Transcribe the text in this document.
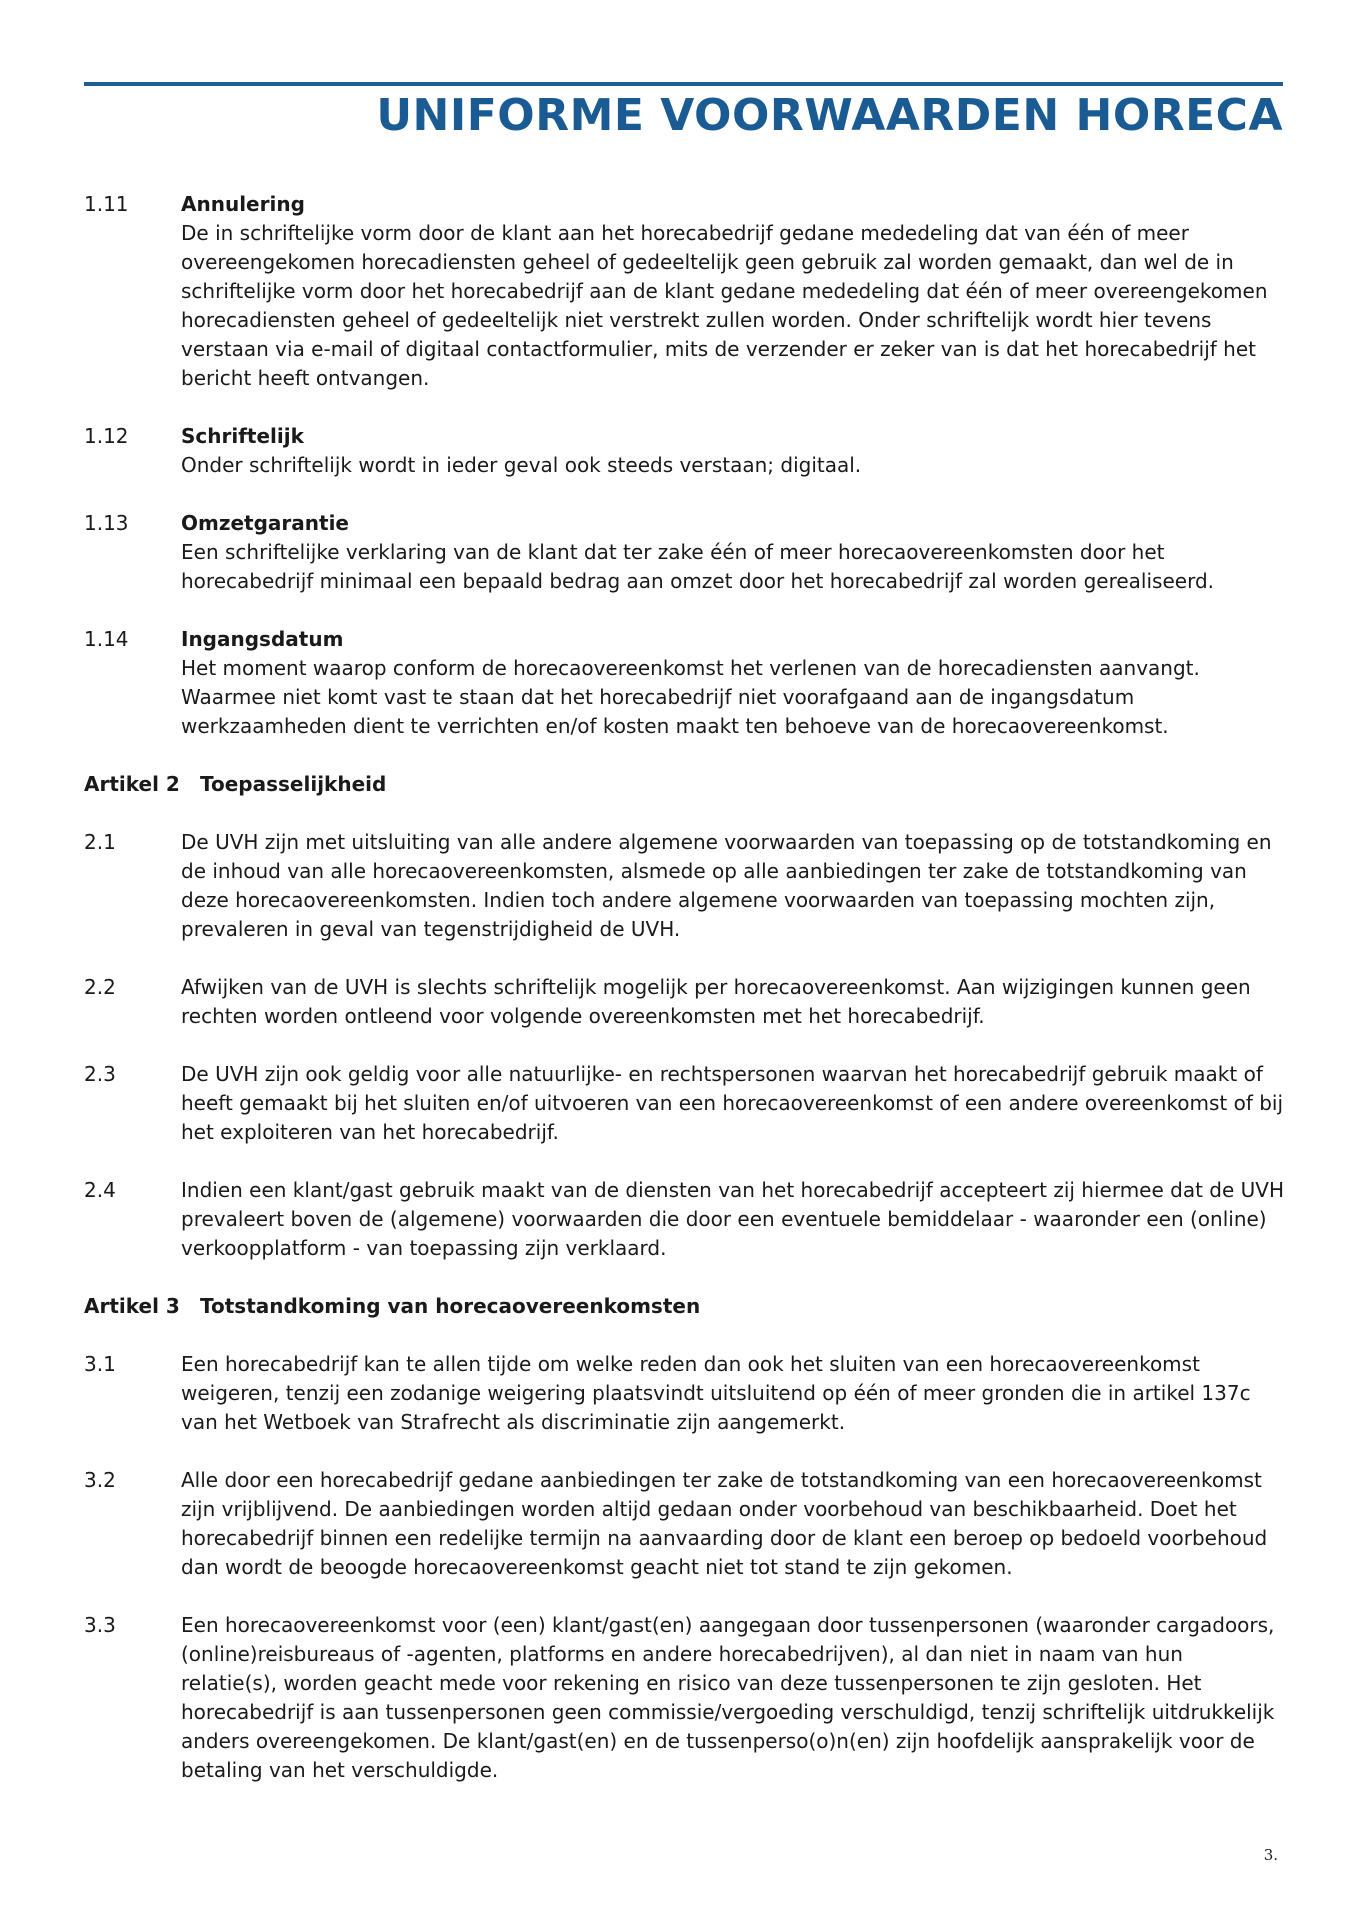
UNIFORME VOORWAARDEN HORECA
1.11	Annulering
De in schriftelijke vorm door de klant aan het horecabedrijf gedane mededeling dat van één of meer overeengekomen horecadiensten geheel of gedeeltelijk geen gebruik zal worden gemaakt, dan wel de in schriftelijke vorm door het horecabedrijf aan de klant gedane mededeling dat één of meer overeengekomen horecadiensten geheel of gedeeltelijk niet verstrekt zullen worden. Onder schriftelijk wordt hier tevens verstaan via e-mail of digitaal contactformulier, mits de verzender er zeker van is dat het horecabedrijf het bericht heeft ontvangen.
1.12	Schriftelijk
Onder schriftelijk wordt in ieder geval ook steeds verstaan; digitaal.
1.13	Omzetgarantie
Een schriftelijke verklaring van de klant dat ter zake één of meer horecaovereenkomsten door het horecabedrijf minimaal een bepaald bedrag aan omzet door het horecabedrijf zal worden gerealiseerd.
1.14	Ingangsdatum
Het moment waarop conform de horecaovereenkomst het verlenen van de horecadiensten aanvangt. Waarmee niet komt vast te staan dat het horecabedrijf niet voorafgaand aan de ingangsdatum werkzaamheden dient te verrichten en/of kosten maakt ten behoeve van de horecaovereenkomst.
Artikel 2	Toepasselijkheid
2.1	De UVH zijn met uitsluiting van alle andere algemene voorwaarden van toepassing op de totstandkoming en de inhoud van alle horecaovereenkomsten, alsmede op alle aanbiedingen ter zake de totstandkoming van deze horecaovereenkomsten. Indien toch andere algemene voorwaarden van toepassing mochten zijn, prevaleren in geval van tegenstrijdigheid de UVH.
2.2	Afwijken van de UVH is slechts schriftelijk mogelijk per horecaovereenkomst. Aan wijzigingen kunnen geen rechten worden ontleend voor volgende overeenkomsten met het horecabedrijf.
2.3	De UVH zijn ook geldig voor alle natuurlijke- en rechtspersonen waarvan het horecabedrijf gebruik maakt of heeft gemaakt bij het sluiten en/of uitvoeren van een horecaovereenkomst of een andere overeenkomst of bij het exploiteren van het horecabedrijf.
2.4	Indien een klant/gast gebruik maakt van de diensten van het horecabedrijf accepteert zij hiermee dat de UVH prevaleert boven de (algemene) voorwaarden die door een eventuele bemiddelaar - waaronder een (online) verkoopplatform - van toepassing zijn verklaard.
Artikel 3	Totstandkoming van horecaovereenkomsten
3.1	Een horecabedrijf kan te allen tijde om welke reden dan ook het sluiten van een horecaovereenkomst weigeren, tenzij een zodanige weigering plaatsvindt uitsluitend op één of meer gronden die in artikel 137c van het Wetboek van Strafrecht als discriminatie zijn aangemerkt.
3.2	Alle door een horecabedrijf gedane aanbiedingen ter zake de totstandkoming van een horecaovereenkomst zijn vrijblijvend. De aanbiedingen worden altijd gedaan onder voorbehoud van beschikbaarheid. Doet het horecabedrijf binnen een redelijke termijn na aanvaarding door de klant een beroep op bedoeld voorbehoud dan wordt de beoogde horecaovereenkomst geacht niet tot stand te zijn gekomen.
3.3	Een horecaovereenkomst voor (een) klant/gast(en) aangegaan door tussenpersonen (waaronder cargadoors, (online)reisbureaus of -agenten, platforms en andere horecabedrijven), al dan niet in naam van hun relatie(s), worden geacht mede voor rekening en risico van deze tussenpersonen te zijn gesloten. Het horecabedrijf is aan tussenpersonen geen commissie/vergoeding verschuldigd, tenzij schriftelijk uitdrukkelijk anders overeengekomen. De klant/gast(en) en de tussenperso(o)n(en) zijn hoofdelijk aansprakelijk voor de betaling van het verschuldigde.
3.
